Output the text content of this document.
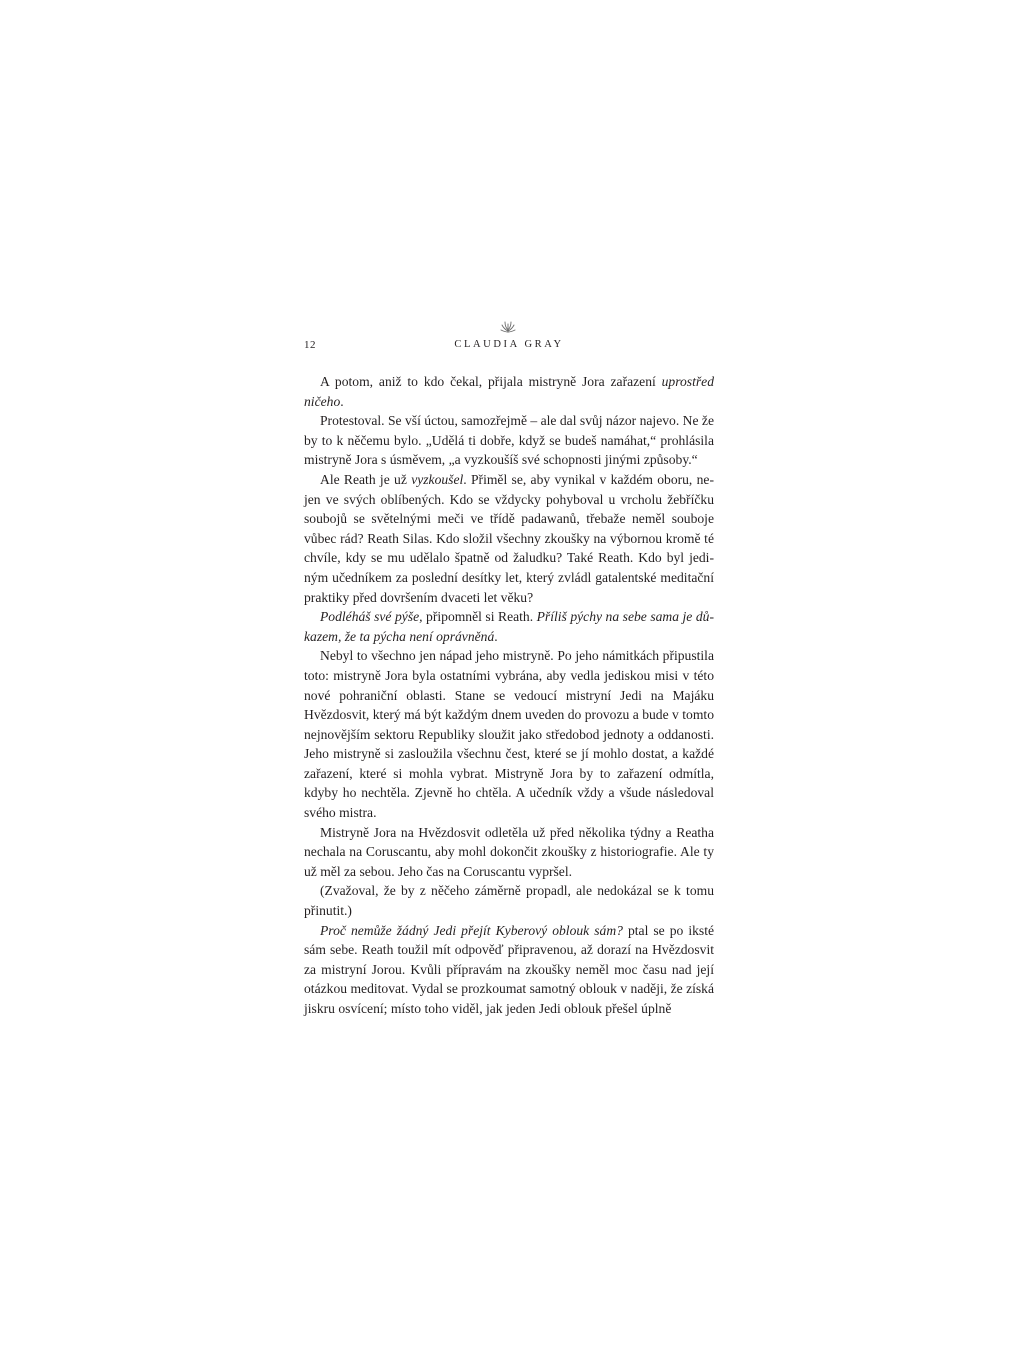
12	CLAUDIA GRAY

A potom, aniž to kdo čekal, přijala mistryně Jora zařazení uprostřed ničeho.

Protestoval. Se vší úctou, samozřejmě – ale dal svůj názor najevo. Ne že by to k něčemu bylo. „Udělá ti dobře, když se budeš namáhat,“ prohlásila mistryně Jora s úsměvem, „a vyzkoušíš své schopnosti jinými způsoby.“

Ale Reath je už vyzkoušel. Přiměl se, aby vynikal v každém oboru, nejen ve svých oblíbených. Kdo se vždycky pohyboval u vrcholu žebříčku soubojů se světelnými meči ve třídě padawanů, třebaže neměl souboje vůbec rád? Reath Silas. Kdo složil všechny zkoušky na výbornou kromě té chvíle, kdy se mu udělalo špatně od žaludku? Také Reath. Kdo byl jediným učedníkem za poslední desítky let, který zvládl gatalentské meditační praktiky před dovršením dvaceti let věku?

Podléháš své pýše, připomněl si Reath. Příliš pýchy na sebe sama je důkazem, že ta pýcha není oprávněná.

Nebyl to všechno jen nápad jeho mistryně. Po jeho námitkách připustila toto: mistryně Jora byla ostatními vybrána, aby vedla jediskou misi v této nové pohraniční oblasti. Stane se vedoucí mistryní Jedi na Majáku Hvězdosvit, který má být každým dnem uveden do provozu a bude v tomto nejnovějším sektoru Republiky sloužit jako středobod jednoty a oddanosti. Jeho mistryně si zasloužila všechnu čest, které se jí mohlo dostat, a každé zařazení, které si mohla vybrat. Mistryně Jora by to zařazení odmítla, kdyby ho nechtěla. Zjevně ho chtěla. A učedník vždy a všude následoval svého mistra.

Mistryně Jora na Hvězdosvit odletěla už před několika týdny a Reatha nechala na Coruscantu, aby mohl dokončit zkoušky z historiografie. Ale ty už měl za sebou. Jeho čas na Coruscantu vypršel.

(Zvažoval, že by z něčeho záměrně propadl, ale nedokázal se k tomu přinutit.)

Proč nemůže žádný Jedi přejít Kyberový oblouk sám? ptal se po iksté sám sebe. Reath toužil mít odpověď připravenou, až dorazí na Hvězdosvit za mistryní Jorou. Kvůli přípravám na zkoušky neměl moc času nad její otázkou meditovat. Vydal se prozkoumat samotný oblouk v naději, že získá jiskru osvícení; místo toho viděl, jak jeden Jedi oblouk přešel úplně
